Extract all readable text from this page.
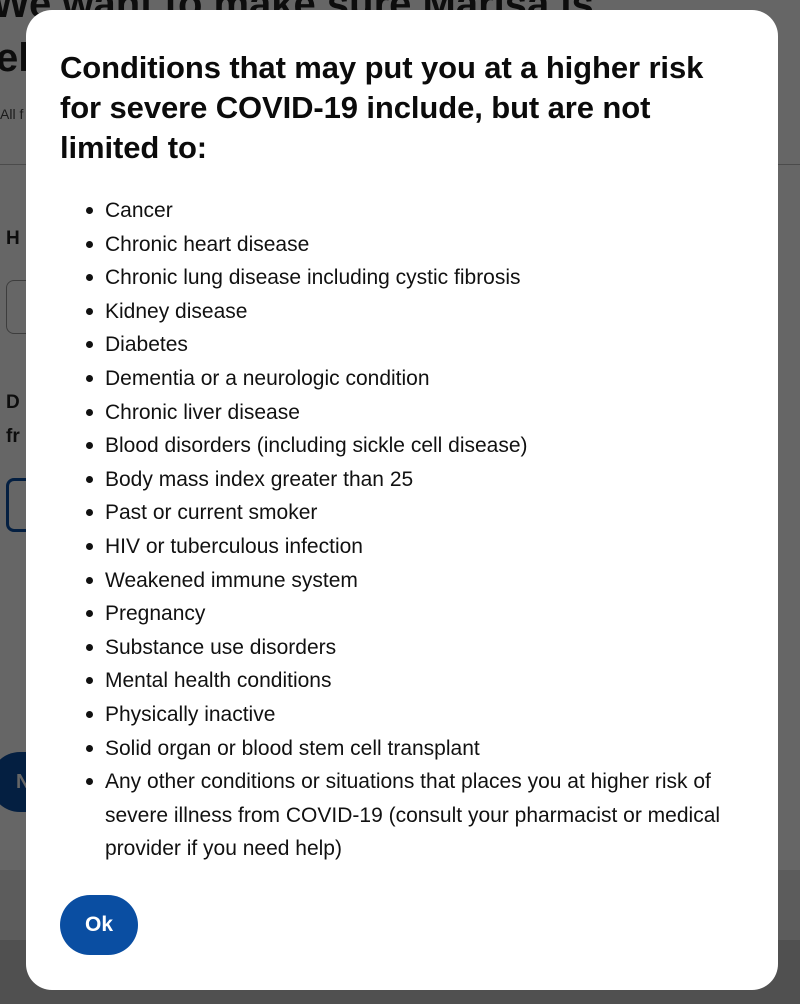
Conditions that may put you at a higher risk for severe COVID-19 include, but are not limited to:
Cancer
Chronic heart disease
Chronic lung disease including cystic fibrosis
Kidney disease
Diabetes
Dementia or a neurologic condition
Chronic liver disease
Blood disorders (including sickle cell disease)
Body mass index greater than 25
Past or current smoker
HIV or tuberculous infection
Weakened immune system
Pregnancy
Substance use disorders
Mental health conditions
Physically inactive
Solid organ or blood stem cell transplant
Any other conditions or situations that places you at higher risk of severe illness from COVID-19 (consult your pharmacist or medical provider if you need help)
Ok
